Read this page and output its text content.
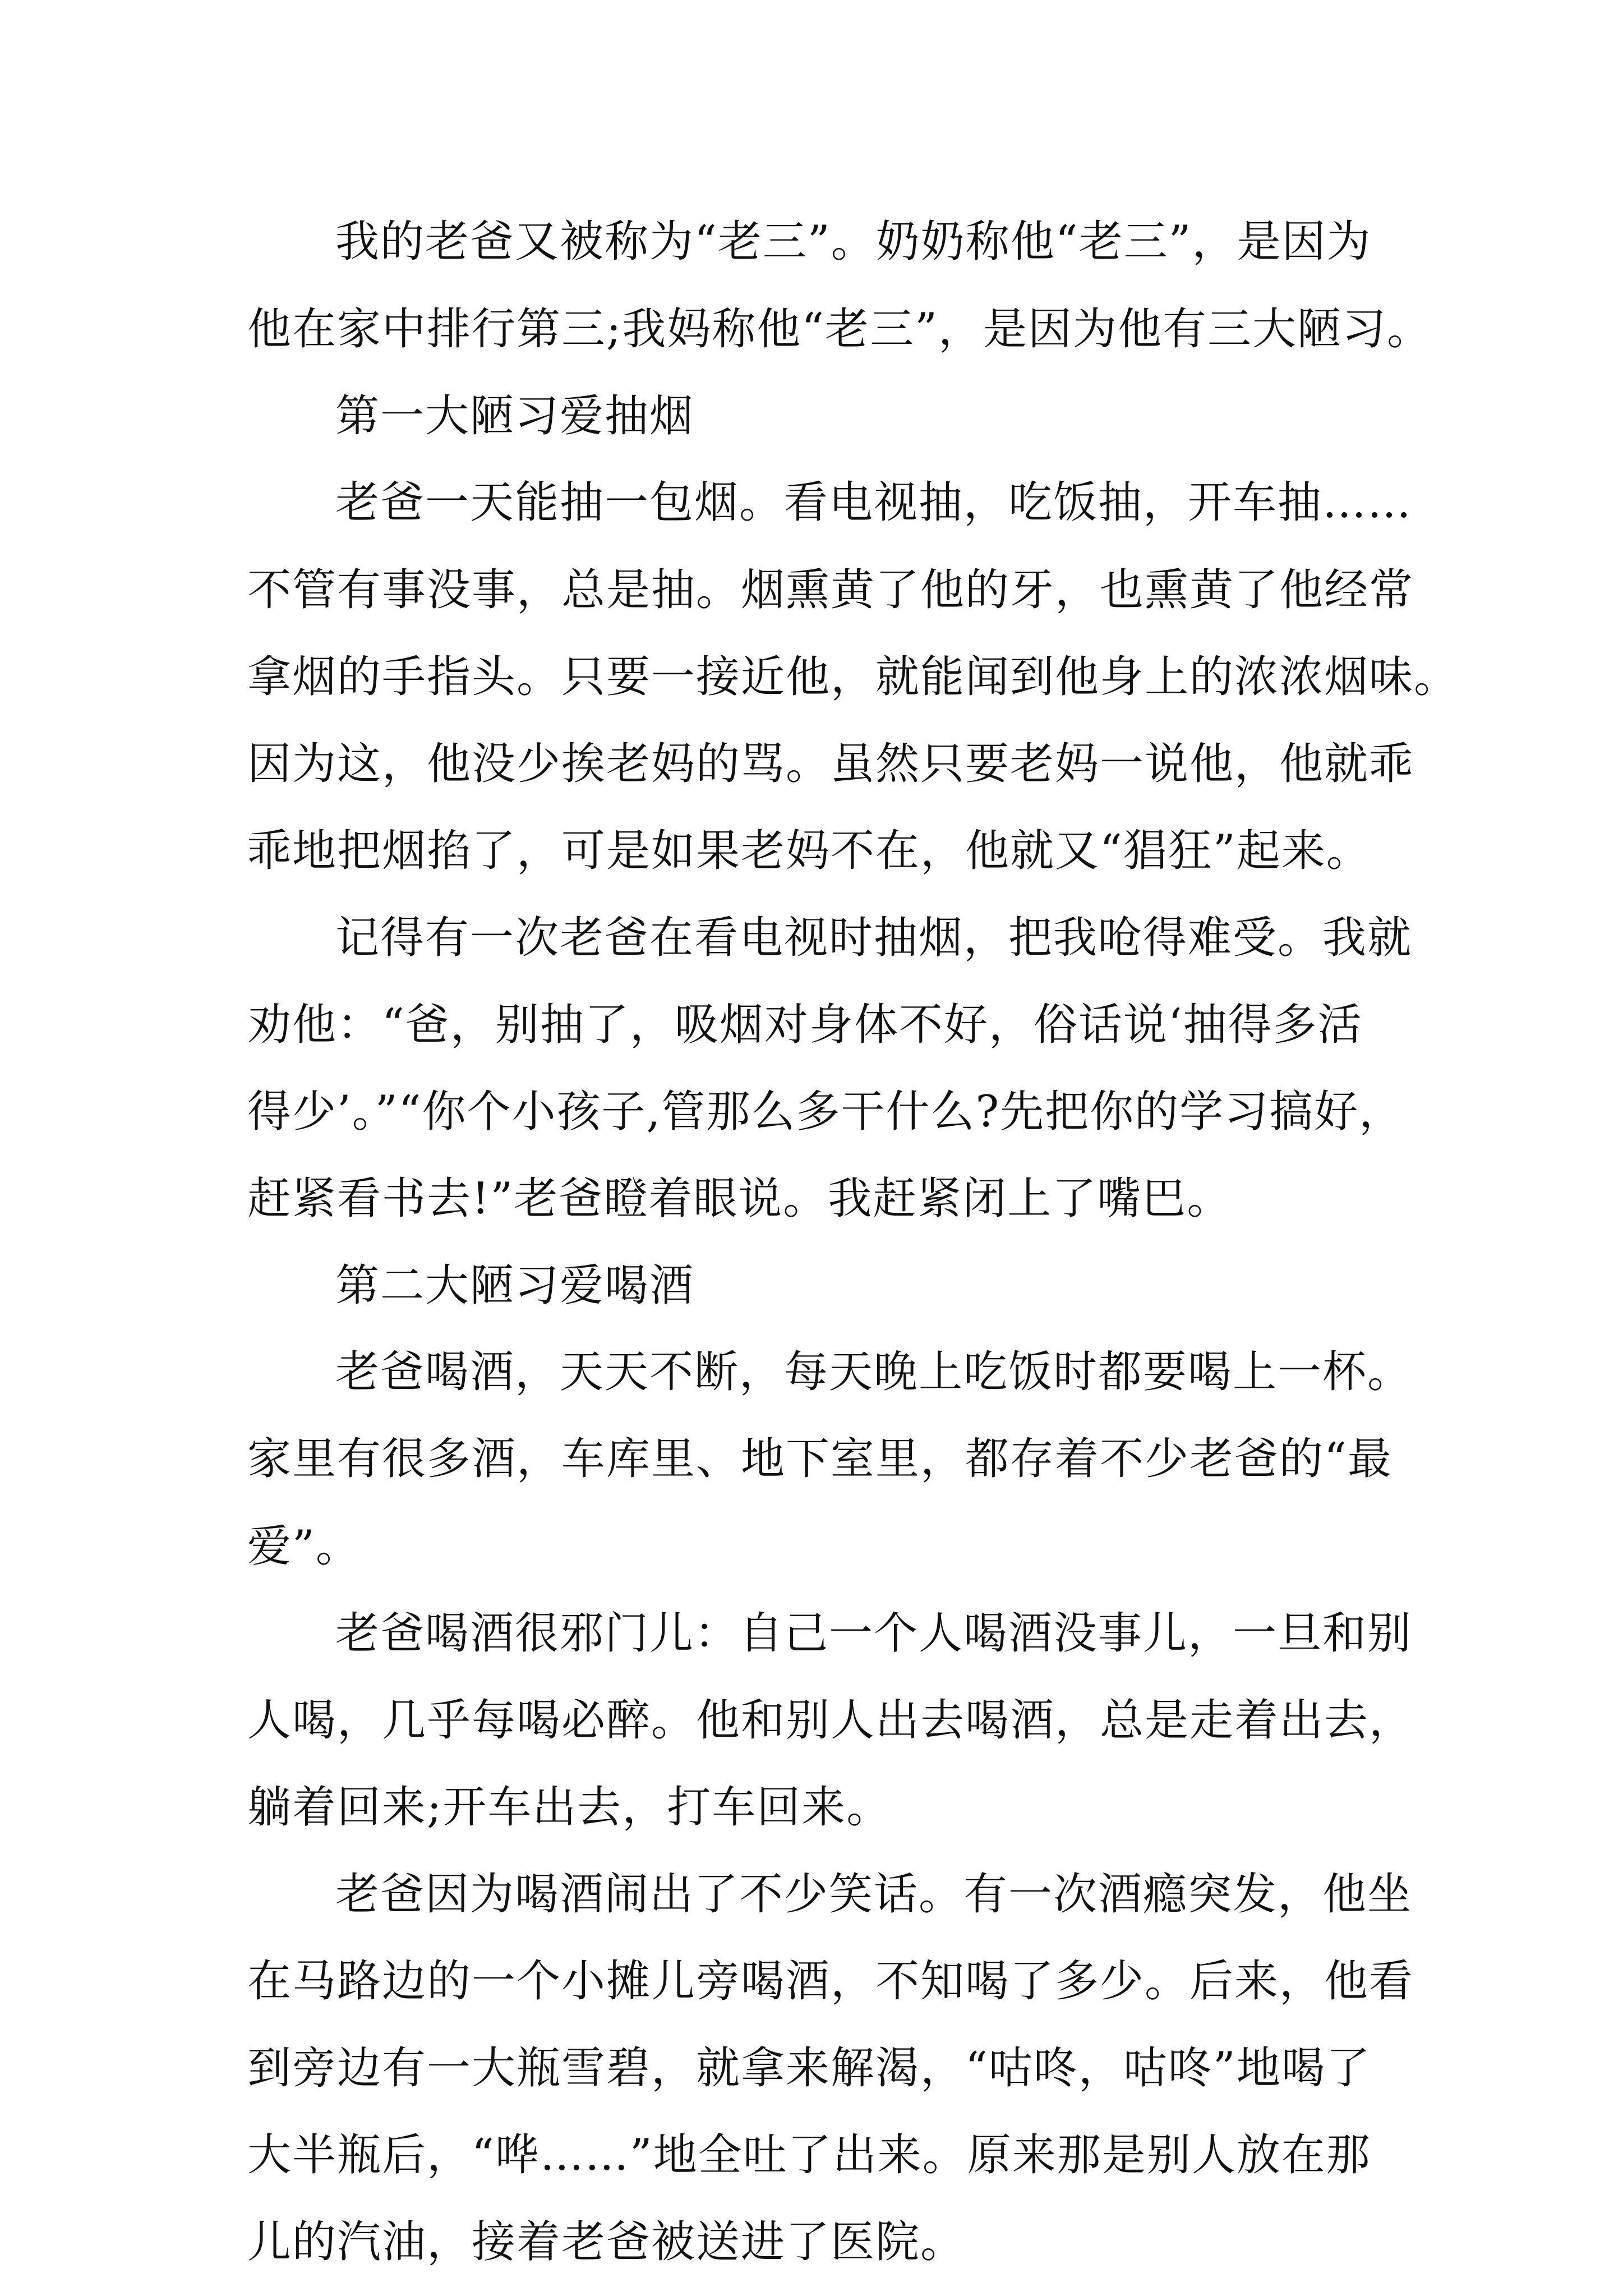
我的老爸又被称为“老三”。奶奶称他“老三”，是因为
他在家中排行第三;我妈称他“老三”，是因为他有三大陋习。
第一大陋习爱抽烟
老爸一天能抽一包烟。看电视抽，吃饭抽，开车抽……
不管有事没事，总是抽。烟熏黄了他的牙，也熏黄了他经常
拿烟的手指头。只要一接近他，就能闻到他身上的浓浓烟味。
因为这，他没少挨老妈的骂。虽然只要老妈一说他，他就乖
乖地把烟掐了，可是如果老妈不在，他就又“猖狂”起来。
记得有一次老爸在看电视时抽烟，把我呛得难受。我就
劝他：“爸，别抽了，吸烟对身体不好，俗话说‘抽得多活
得少’。”“你个小孩子,管那么多干什么?先把你的学习搞好，
赶紧看书去!”老爸瞪着眼说。我赶紧闭上了嘴巴。
第二大陋习爱喝酒
老爸喝酒，天天不断，每天晚上吃饭时都要喝上一杯。
家里有很多酒，车库里、地下室里，都存着不少老爸的“最
爱”。
老爸喝酒很邪门儿：自己一个人喝酒没事儿，一旦和别
人喝，几乎每喝必醉。他和别人出去喝酒，总是走着出去，
躺着回来;开车出去，打车回来。
老爸因为喝酒闹出了不少笑话。有一次酒瘾突发，他坐
在马路边的一个小摊儿旁喝酒，不知喝了多少。后来，他看
到旁边有一大瓶雪碧，就拿来解渴，“咕咚，咕咚”地喝了
大半瓶后，“哗……”地全吐了出来。原来那是别人放在那
儿的汽油，接着老爸被送进了医院。
